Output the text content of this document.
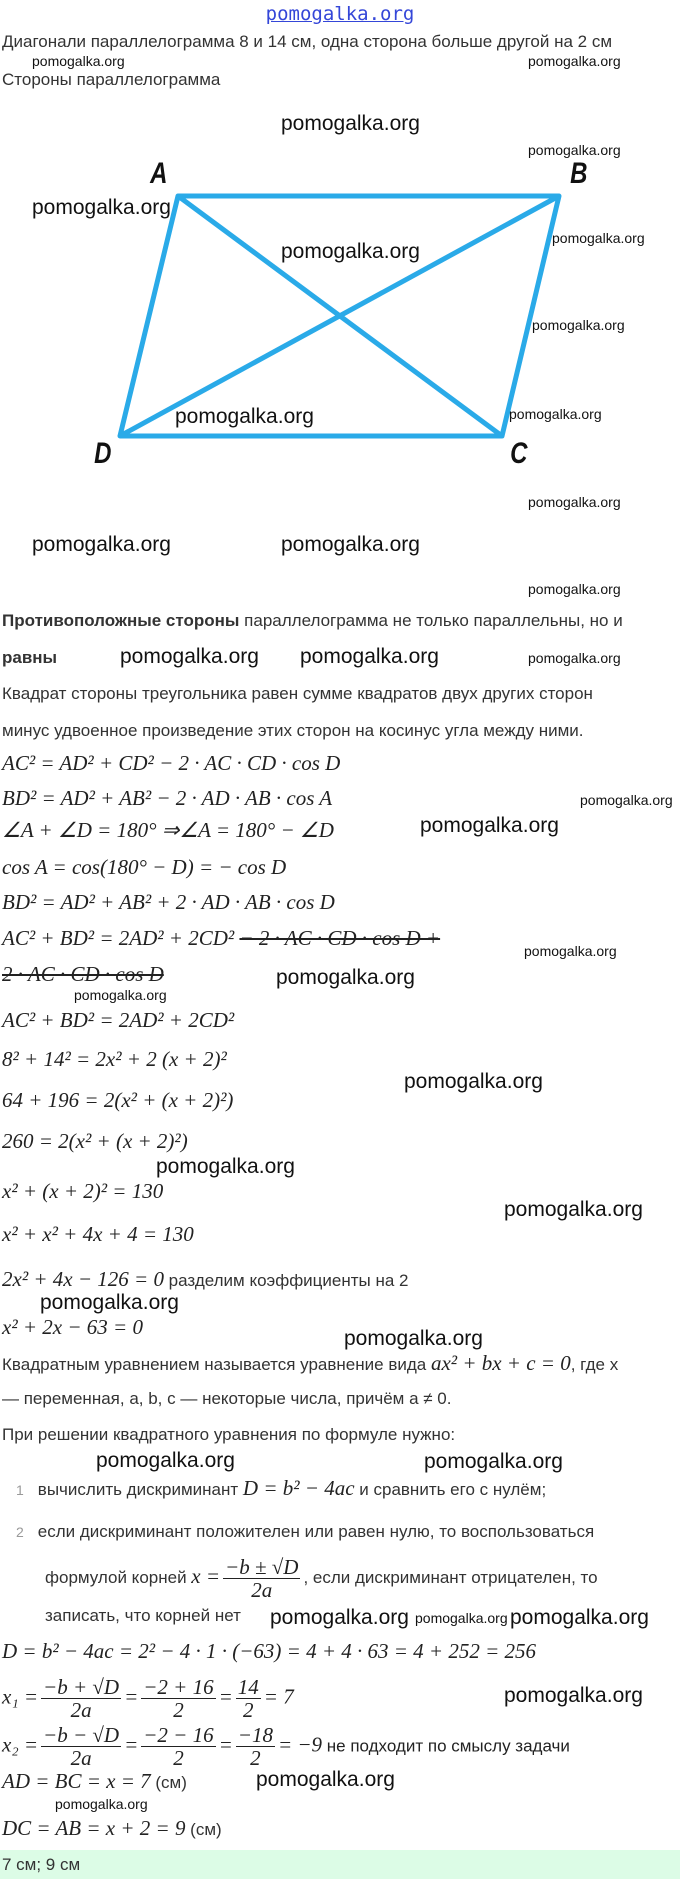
pomogalka.org
Диагонали параллелограмма 8 и 14 см, одна сторона больше другой на 2 см
Стороны параллелограмма
A	B
C
D
Противоположные стороны параллелограмма не только параллельны, но и
равны
Квадрат стороны треугольника равен сумме квадратов двух других сторон
минус удвоенное произведение этих сторон на косинус угла между ними.
AC² = AD² + CD² − 2 · AC · CD · cos D
BD² = AD² + AB² − 2 · AD · AB · cos A
∠A + ∠D = 180° ⇒∠A = 180° − ∠D
cos A = cos(180° − D) = − cos D
BD² = AD² + AB² + 2 · AD · AB · cos D
AC² + BD² = 2AD² + 2CD² − 2 · AC · CD · cos D +
2 · AC · CD · cos D
AC² + BD² = 2AD² + 2CD²
8² + 14² = 2x² + 2 (x + 2)²
64 + 196 = 2(x² + (x + 2)²)
260 = 2(x² + (x + 2)²)
x² + (x + 2)² = 130
x² + x² + 4x + 4 = 130
2x² + 4x − 126 = 0 разделим коэффициенты на 2
x² + 2x − 63 = 0
Квадратным уравнением называется уравнение вида ax² + bx + c = 0, где x
— переменная, a, b, c — некоторые числа, причём a ≠ 0.
При решении квадратного уравнения по формуле нужно:
1 вычислить дискриминант D = b² − 4ac и сравнить его с нулём;
2 если дискриминант положителен или равен нулю, то воспользоваться
формулой корней $x = \frac{-b \pm √D}{2a}$ , если дискриминант отрицателен, то
записать, что корней нет
D = b² − 4ac = 2² − 4 · 1 · (−63) = 4 + 4 · 63 = 4 + 252 = 256
$x_1 = \frac{-b + √D}{2a} = \frac{-2 + 16}{2} = \frac{14}{2} = 7$
$x_2 = \frac{-b - √D}{2a} = \frac{-2 - 16}{2} = \frac{-18}{2} = -9$ не подходит по смыслу задачи
AD = BC = x = 7 (см)
DC = AB = x + 2 = 9 (см)
7 см; 9 см
pomogalka.org	pomogalka.org
pomogalka.org
pomogalka.org
pomogalka.org
pomogalka.org
pomogalka.org
pomogalka.org
pomogalka.org	pomogalka.org
pomogalka.org
pomogalka.org	pomogalka.org
pomogalka.org
pomogalka.org pomogalka.org	pomogalka.org
pomogalka.org
pomogalka.org
pomogalka.org
pomogalka.org
pomogalka.org
pomogalka.org
pomogalka.org
pomogalka.org
pomogalka.org
pomogalka.org
pomogalka.org	pomogalka.org
pomogalka.org pomogalka.org pomogalka.org
pomogalka.org
pomogalka.org
pomogalka.org
